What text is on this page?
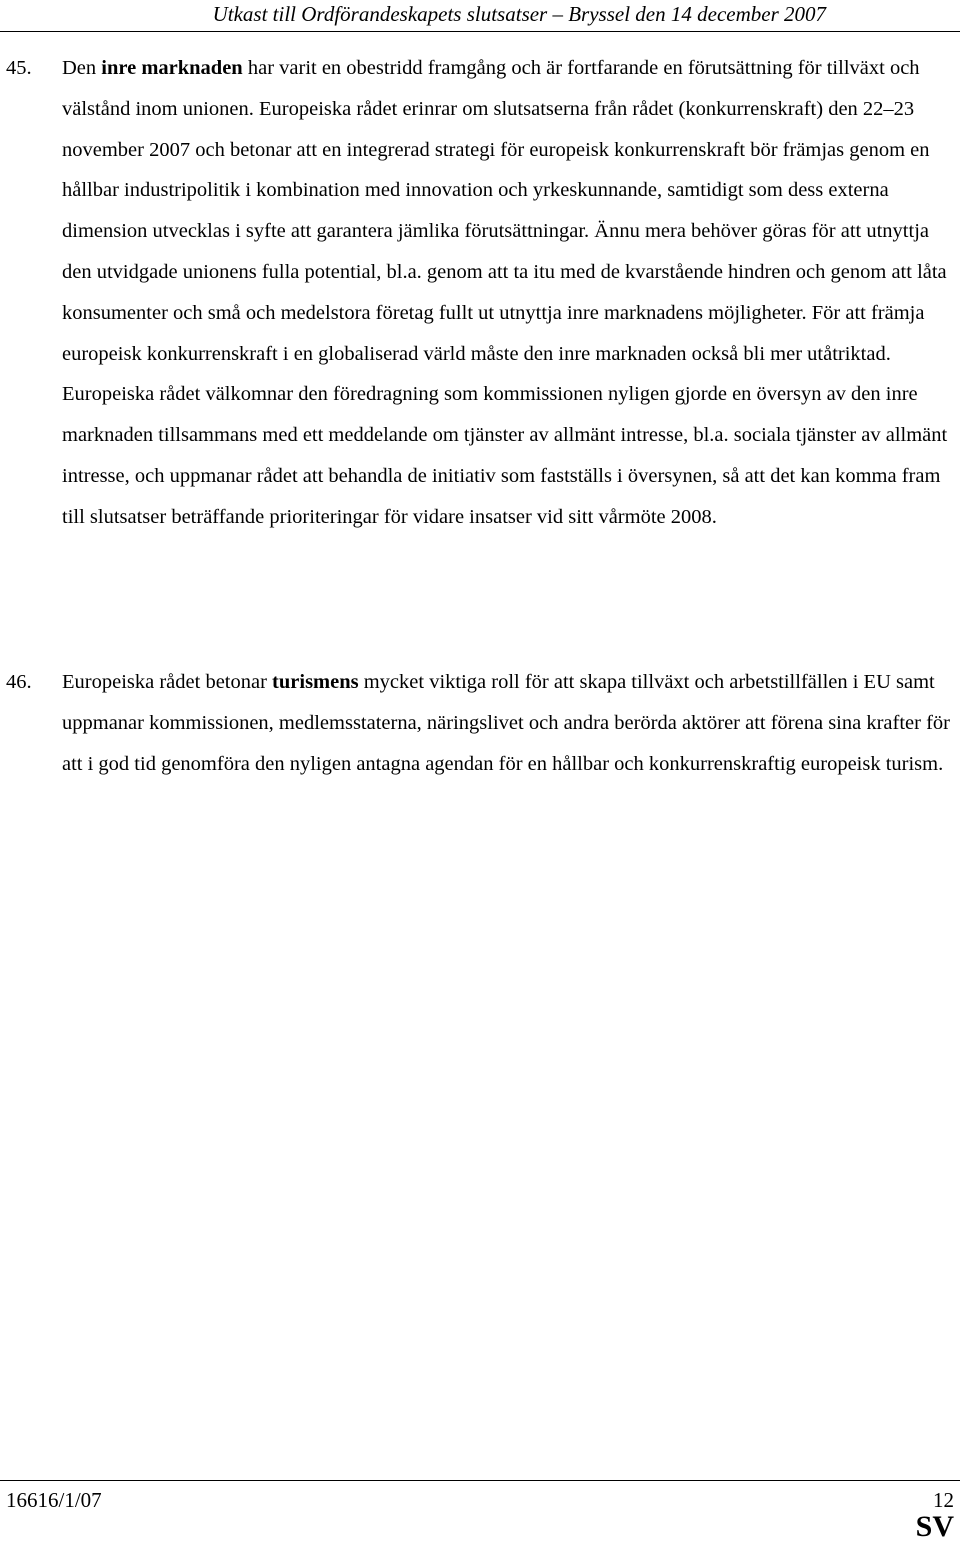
Utkast till Ordförandeskapets slutsatser – Bryssel den 14 december 2007
45. Den inre marknaden har varit en obestridd framgång och är fortfarande en förutsättning för tillväxt och välstånd inom unionen. Europeiska rådet erinrar om slutsatserna från rådet (konkurrenskraft) den 22–23 november 2007 och betonar att en integrerad strategi för europeisk konkurrenskraft bör främjas genom en hållbar industripolitik i kombination med innovation och yrkeskunnande, samtidigt som dess externa dimension utvecklas i syfte att garantera jämlika förutsättningar. Ännu mera behöver göras för att utnyttja den utvidgade unionens fulla potential, bl.a. genom att ta itu med de kvarstående hindren och genom att låta konsumenter och små och medelstora företag fullt ut utnyttja inre marknadens möjligheter. För att främja europeisk konkurrenskraft i en globaliserad värld måste den inre marknaden också bli mer utåtriktad. Europeiska rådet välkomnar den föredragning som kommissionen nyligen gjorde en översyn av den inre marknaden tillsammans med ett meddelande om tjänster av allmänt intresse, bl.a. sociala tjänster av allmänt intresse, och uppmanar rådet att behandla de initiativ som fastställs i översynen, så att det kan komma fram till slutsatser beträffande prioriteringar för vidare insatser vid sitt vårmöte 2008.
46. Europeiska rådet betonar turismens mycket viktiga roll för att skapa tillväxt och arbetstillfällen i EU samt uppmanar kommissionen, medlemsstaterna, näringslivet och andra berörda aktörer att förena sina krafter för att i god tid genomföra den nyligen antagna agendan för en hållbar och konkurrenskraftig europeisk turism.
16616/1/07	12
SV
